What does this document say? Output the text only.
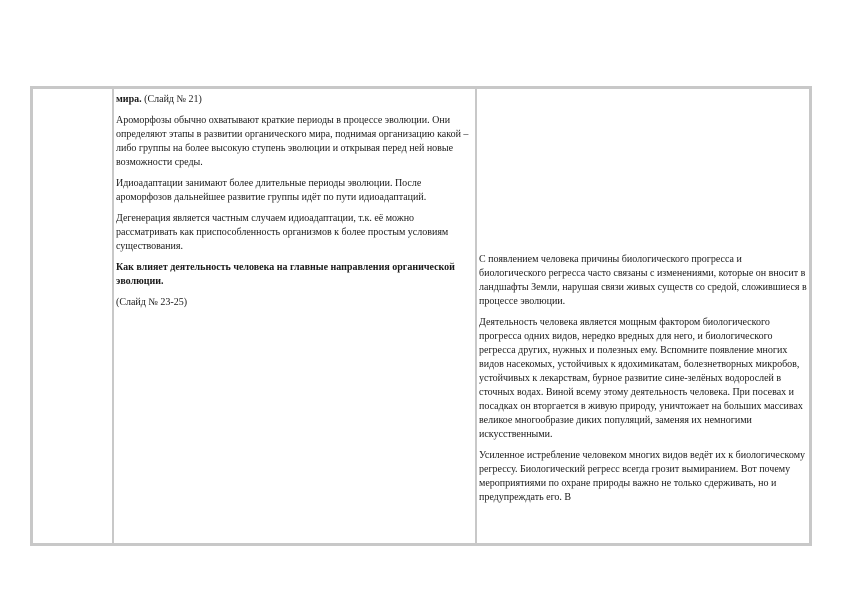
мира. (Слайд № 21)

Ароморфозы обычно охватывают краткие периоды в процессе эволюции. Они определяют этапы в развитии органического мира, поднимая организацию какой – либо группы на более высокую ступень эволюции и открывая перед ней новые возможности среды.

Идиоадаптации занимают более длительные периоды эволюции. После ароморфозов дальнейшее развитие группы идёт по пути идиоадаптаций.

Дегенерация является частным случаем идиоадаптации, т.к. её можно рассматривать как приспособленность организмов к более простым условиям существования.

Как влияет деятельность человека на главные направления органической эволюции.

(Слайд № 23-25)

С появлением человека причины биологического прогресса и биологического регресса часто связаны с изменениями, которые он вносит в ландшафты Земли, нарушая связи живых существ со средой, сложившиеся в процессе эволюции.

Деятельность человека является мощным фактором биологического прогресса одних видов, нередко вредных для него, и биологического регресса других, нужных и полезных ему. Вспомните появление многих видов насекомых, устойчивых к ядохимикатам, болезнетворных микробов, устойчивых к лекарствам, бурное развитие сине-зелёных водорослей в сточных водах. Виной всему этому деятельность человека. При посевах и посадках он вторгается в живую природу, уничтожает на больших массивах великое многообразие диких популяций, заменяя их немногими искусственными.

Усиленное истребление человеком многих видов ведёт их к биологическому регрессу. Биологический регресс всегда грозит вымиранием. Вот почему мероприятиями по охране природы важно не только сдерживать, но и предупреждать его. В
